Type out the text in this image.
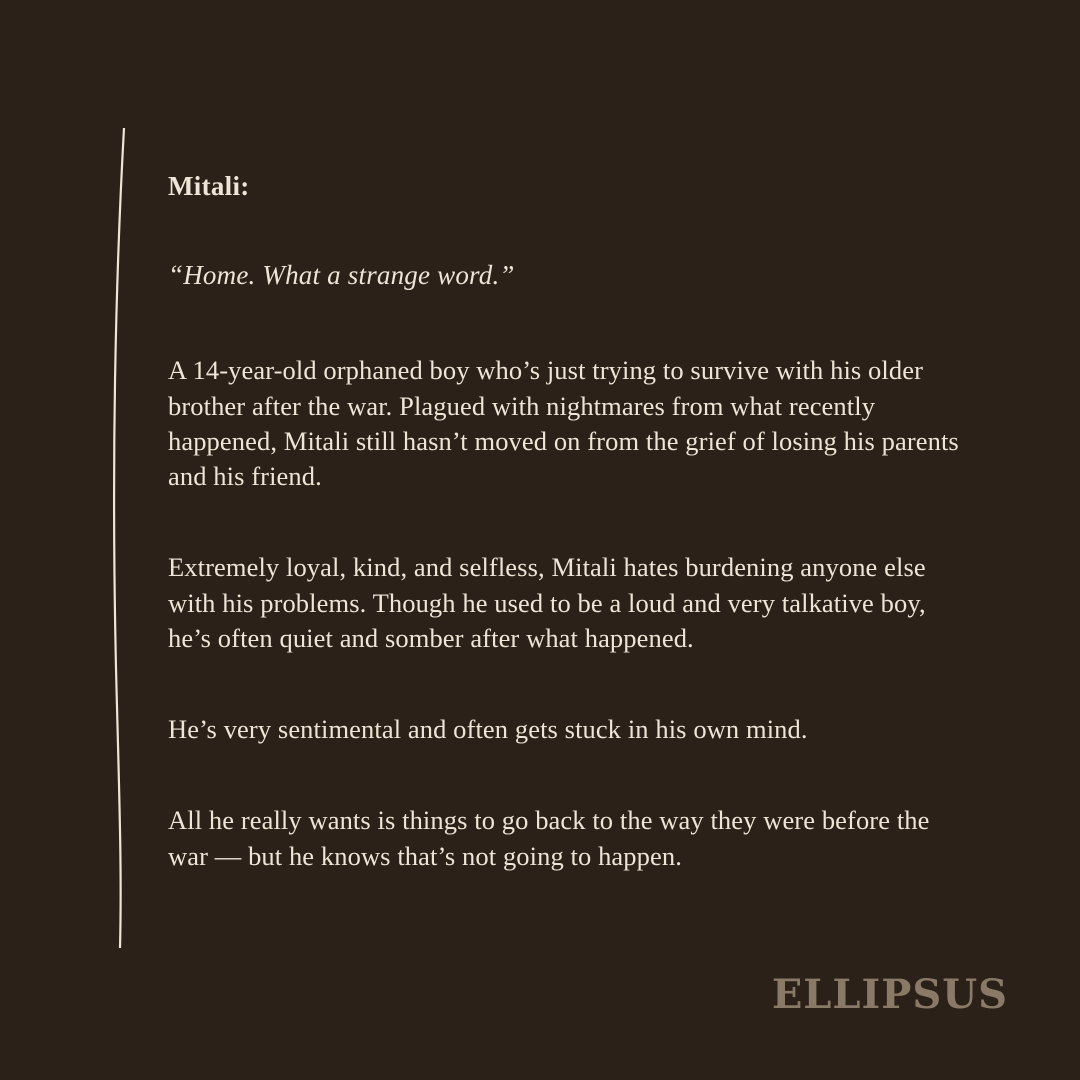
Mitali:
“Home. What a strange word.”

A 14-year-old orphaned boy who’s just trying to survive with his older brother after the war. Plagued with nightmares from what recently happened, Mitali still hasn’t moved on from the grief of losing his parents and his friend.

Extremely loyal, kind, and selfless, Mitali hates burdening anyone else with his problems. Though he used to be a loud and very talkative boy, he’s often quiet and somber after what happened.

He’s very sentimental and often gets stuck in his own mind.

All he really wants is things to go back to the way they were before the war — but he knows that’s not going to happen.

ELLIPSUS
